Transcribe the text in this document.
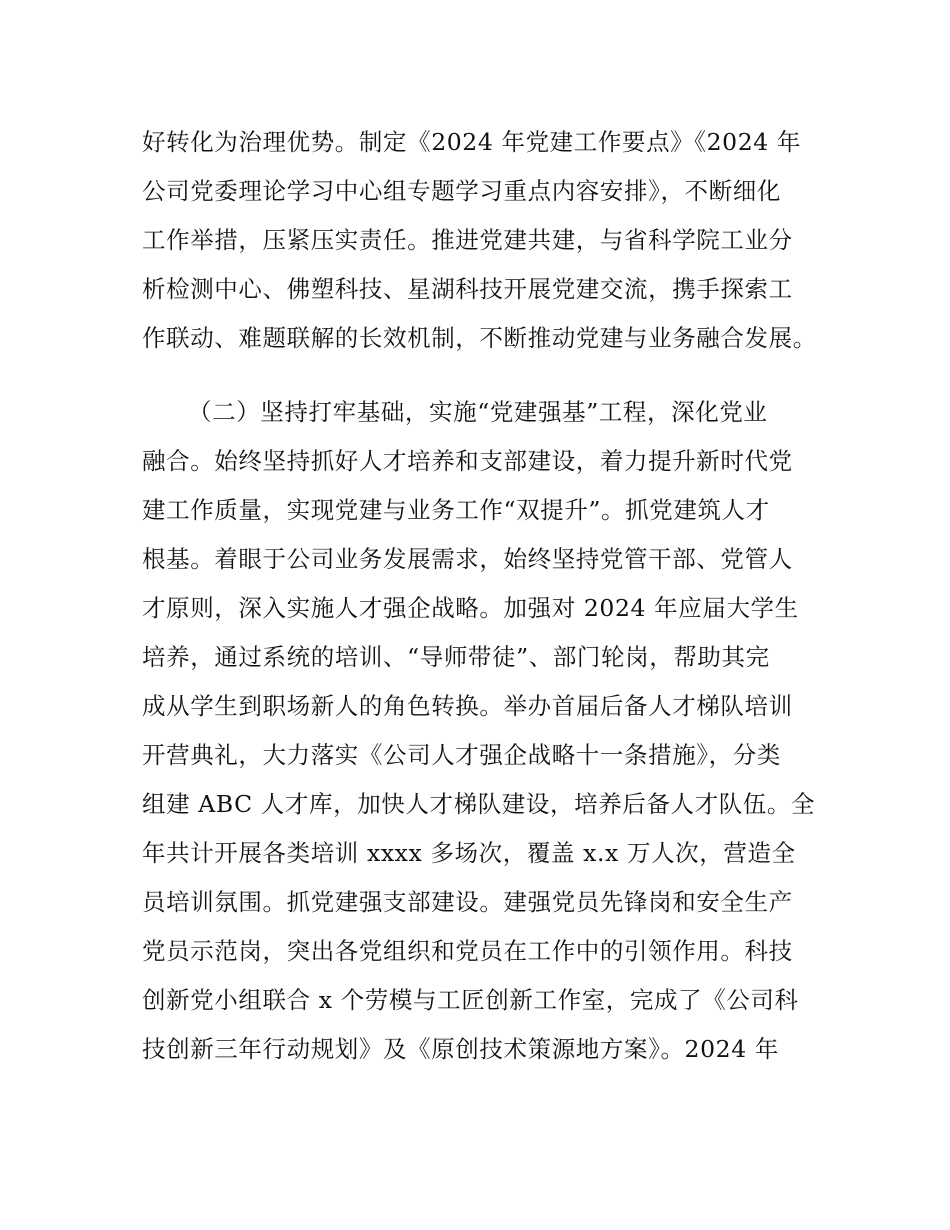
好转化为治理优势。制定《2024 年党建工作要点》《2024 年
公司党委理论学习中心组专题学习重点内容安排》，不断细化
工作举措，压紧压实责任。推进党建共建，与省科学院工业分
析检测中心、佛塑科技、星湖科技开展党建交流，携手探索工
作联动、难题联解的长效机制，不断推动党建与业务融合发展。
（二）坚持打牢基础，实施“党建强基”工程，深化党业
融合。始终坚持抓好人才培养和支部建设，着力提升新时代党
建工作质量，实现党建与业务工作“双提升”。抓党建筑人才
根基。着眼于公司业务发展需求，始终坚持党管干部、党管人
才原则，深入实施人才强企战略。加强对 2024 年应届大学生
培养，通过系统的培训、“导师带徒”、部门轮岗，帮助其完
成从学生到职场新人的角色转换。举办首届后备人才梯队培训
开营典礼，大力落实《公司人才强企战略十一条措施》，分类
组建 ABC 人才库，加快人才梯队建设，培养后备人才队伍。全
年共计开展各类培训 xxxx 多场次，覆盖 x.x 万人次，营造全
员培训氛围。抓党建强支部建设。建强党员先锋岗和安全生产
党员示范岗，突出各党组织和党员在工作中的引领作用。科技
创新党小组联合 x 个劳模与工匠创新工作室，完成了《公司科
技创新三年行动规划》及《原创技术策源地方案》。2024 年
